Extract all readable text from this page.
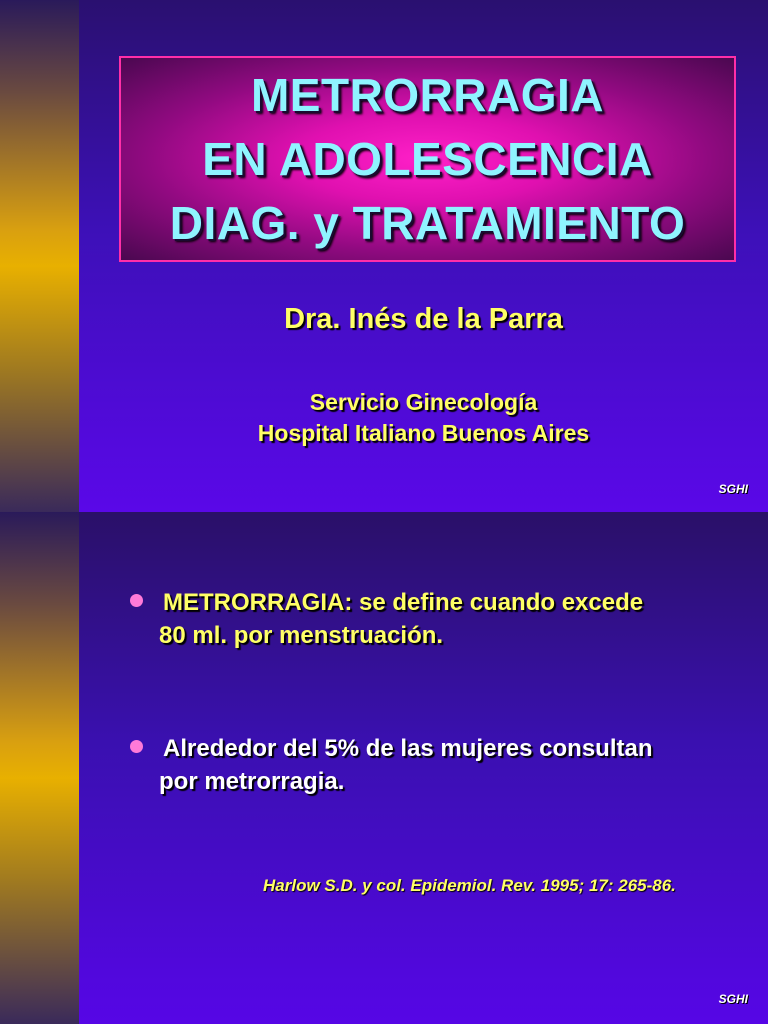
METRORRAGIA
EN ADOLESCENCIA
DIAG. y TRATAMIENTO
Dra. Inés de la Parra
Servicio Ginecología
Hospital Italiano Buenos Aires
SGHI
METRORRAGIA: se define cuando excede
80 ml. por menstruación.
Alrededor del 5% de las mujeres consultan
por metrorragia.
Harlow S.D. y col. Epidemiol. Rev. 1995; 17: 265-86.
SGHI
